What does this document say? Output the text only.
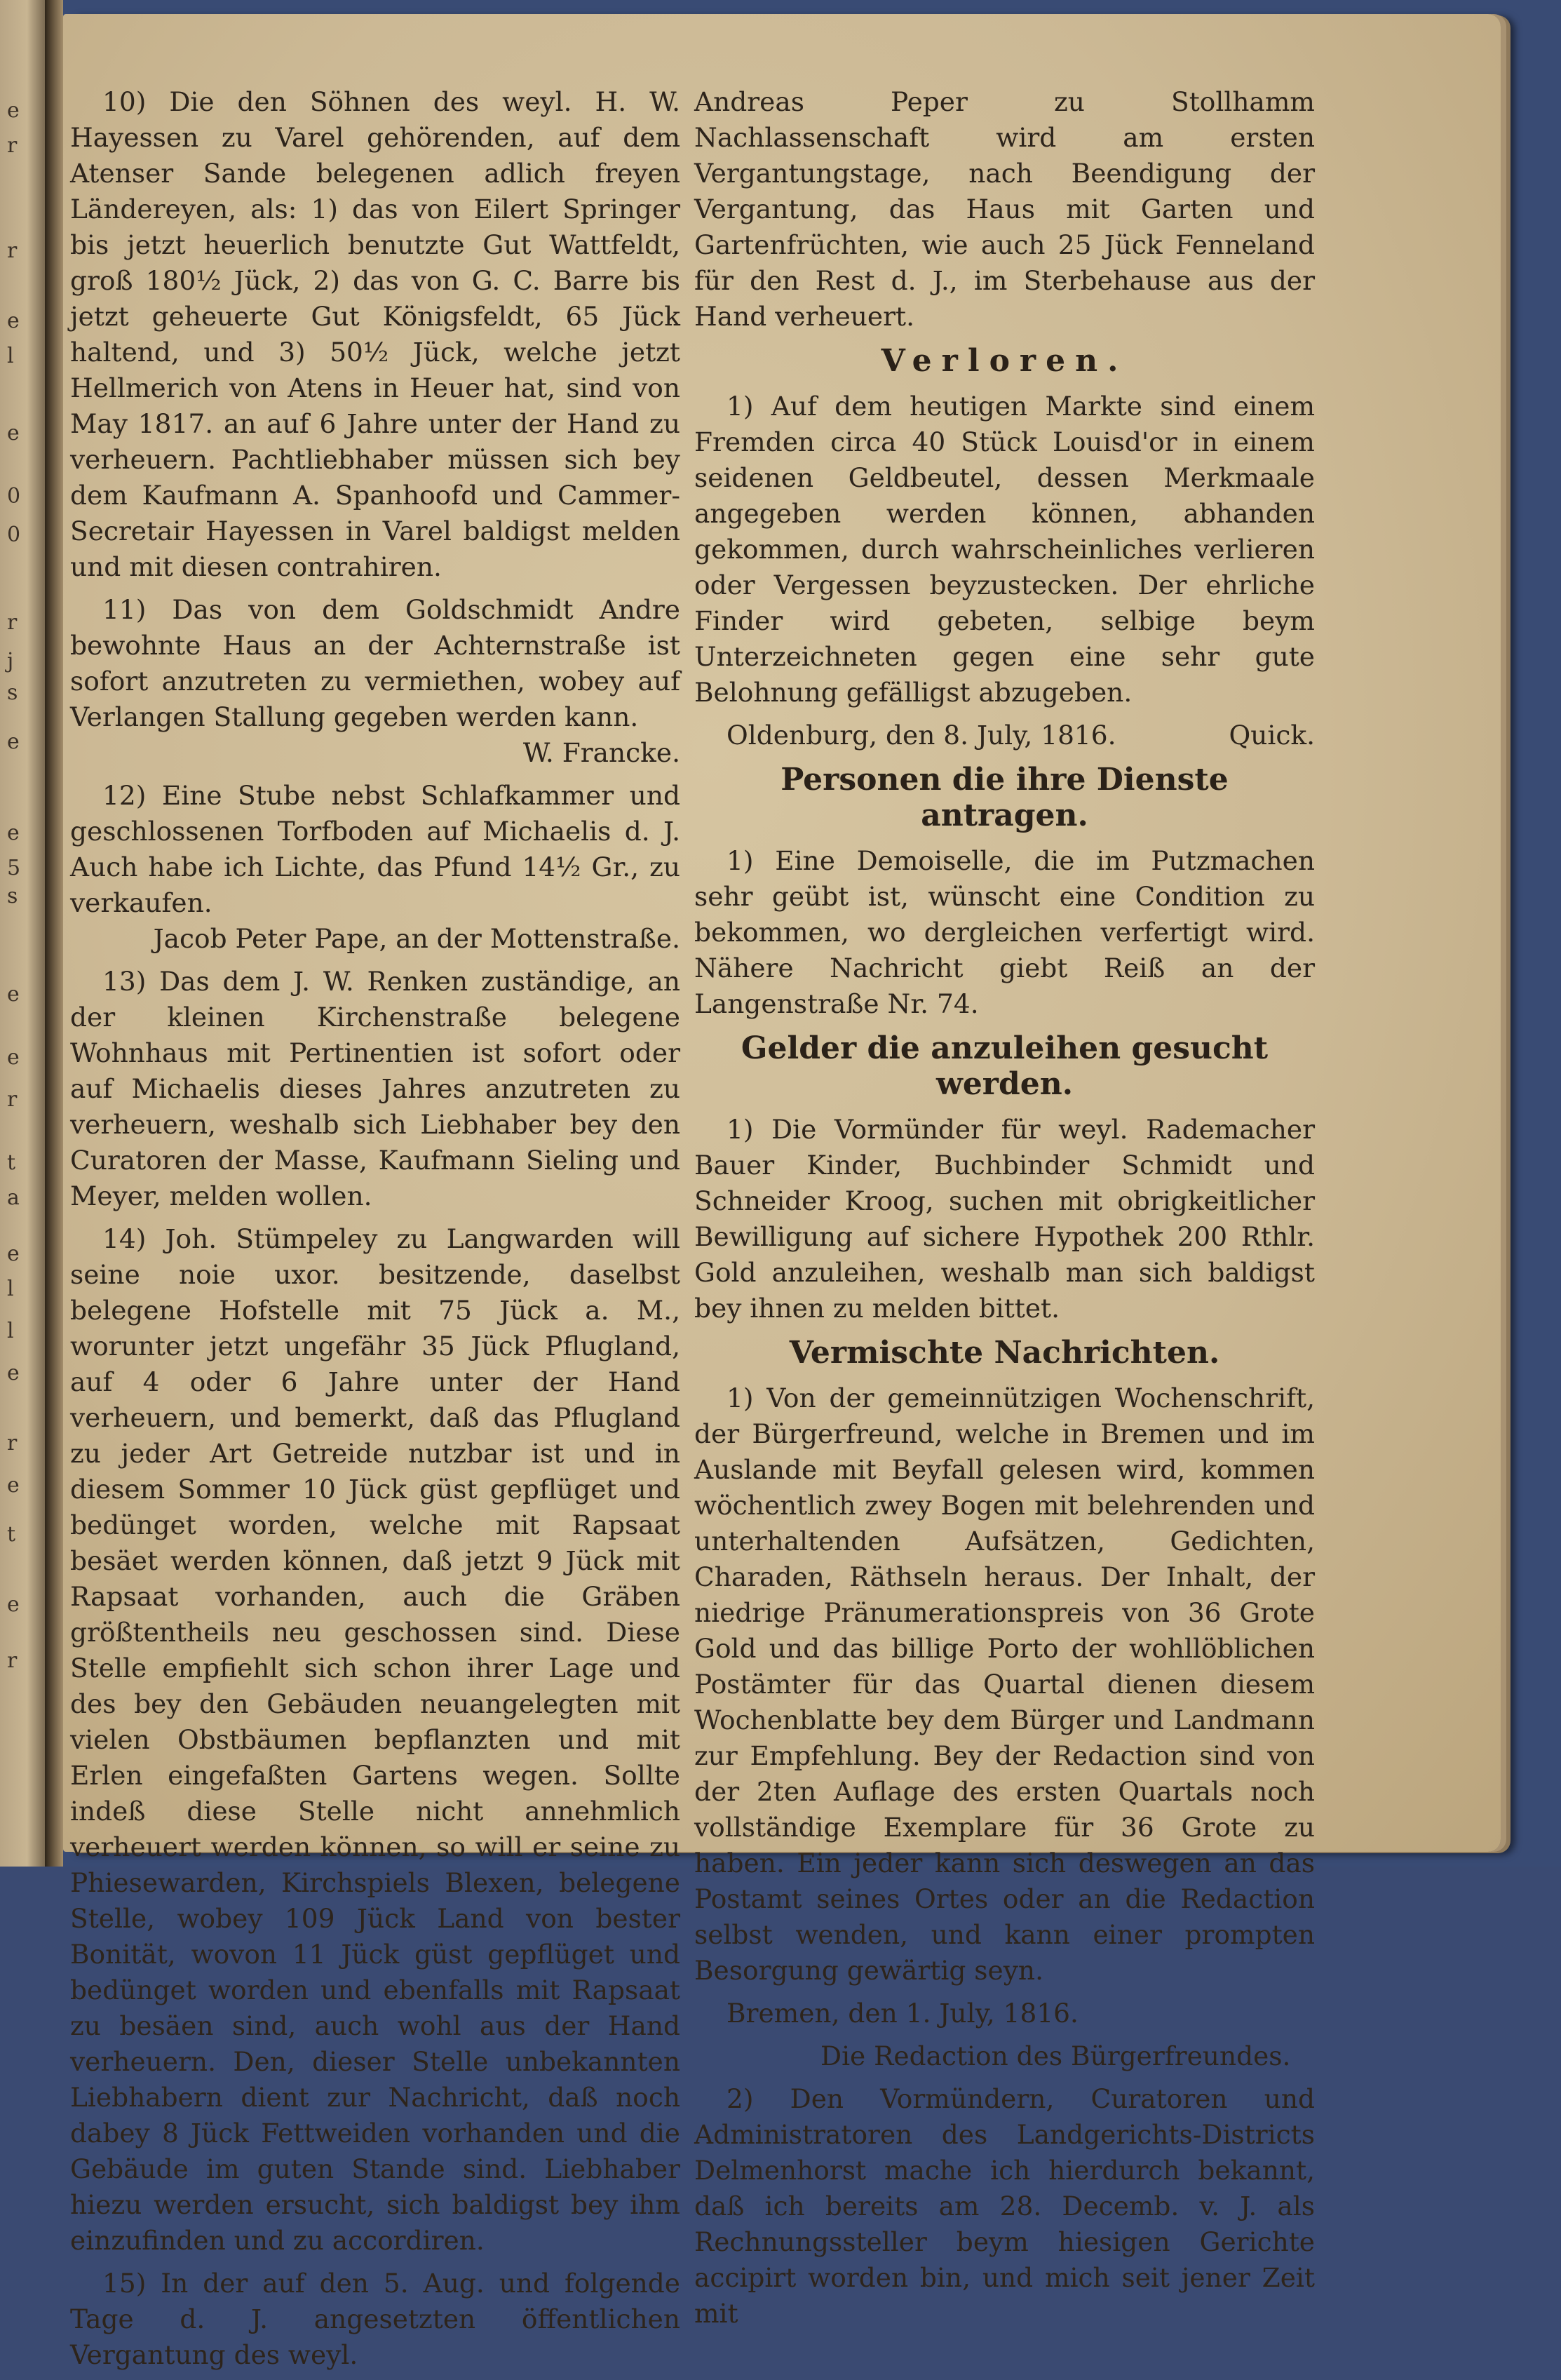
e
r
r
e
l
e
0
0
r
j
s
e
e
5
s
e
e
r
t
a
e
l
l
e
r
e
t
e
r

10) Die den Söhnen des weyl. H. W. Hayessen zu Varel gehörenden, auf dem Atenser Sande belegenen adlich freyen Ländereyen, als: 1) das von Eilert Springer bis jetzt heuerlich benutzte Gut Wattfeldt, groß 180½ Jück, 2) das von G. C. Barre bis jetzt geheuerte Gut Königsfeldt, 65 Jück haltend, und 3) 50½ Jück, welche jetzt Hellmerich von Atens in Heuer hat, sind von May 1817. an auf 6 Jahre unter der Hand zu verheuern. Pachtliebhaber müssen sich bey dem Kaufmann A. Spanhoofd und Cammer-Secretair Hayessen in Varel baldigst melden und mit diesen contrahiren.

11) Das von dem Goldschmidt Andre bewohnte Haus an der Achternstraße ist sofort anzutreten zu vermiethen, wobey auf Verlangen Stallung gegeben werden kann.

W. Francke.

12) Eine Stube nebst Schlafkammer und geschlossenen Torfboden auf Michaelis d. J. Auch habe ich Lichte, das Pfund 14½ Gr., zu verkaufen.

Jacob Peter Pape, an der Mottenstraße.

13) Das dem J. W. Renken zuständige, an der kleinen Kirchenstraße belegene Wohnhaus mit Pertinentien ist sofort oder auf Michaelis dieses Jahres anzutreten zu verheuern, weshalb sich Liebhaber bey den Curatoren der Masse, Kaufmann Sieling und Meyer, melden wollen.

14) Joh. Stümpeley zu Langwarden will seine noie uxor. besitzende, daselbst belegene Hofstelle mit 75 Jück a. M., worunter jetzt ungefähr 35 Jück Pflugland, auf 4 oder 6 Jahre unter der Hand verheuern, und bemerkt, daß das Pflugland zu jeder Art Getreide nutzbar ist und in diesem Sommer 10 Jück güst gepflüget und bedünget worden, welche mit Rapsaat besäet werden können, daß jetzt 9 Jück mit Rapsaat vorhanden, auch die Gräben größtentheils neu geschossen sind. Diese Stelle empfiehlt sich schon ihrer Lage und des bey den Gebäuden neuangelegten mit vielen Obstbäumen bepflanzten und mit Erlen eingefaßten Gartens wegen. Sollte indeß diese Stelle nicht annehmlich verheuert werden können, so will er seine zu Phiesewarden, Kirchspiels Blexen, belegene Stelle, wobey 109 Jück Land von bester Bonität, wovon 11 Jück güst gepflüget und bedünget worden und ebenfalls mit Rapsaat zu besäen sind, auch wohl aus der Hand verheuern. Den, dieser Stelle unbekannten Liebhabern dient zur Nachricht, daß noch dabey 8 Jück Fettweiden vorhanden und die Gebäude im guten Stande sind. Liebhaber hiezu werden ersucht, sich baldigst bey ihm einzufinden und zu accordiren.

15) In der auf den 5. Aug. und folgende Tage d. J. angesetzten öffentlichen Vergantung des weyl.

Andreas Peper zu Stollhamm Nachlassenschaft wird am ersten Vergantungstage, nach Beendigung der Vergantung, das Haus mit Garten und Gartenfrüchten, wie auch 25 Jück Fenneland für den Rest d. J., im Sterbehause aus der Hand verheuert.

Verloren.

1) Auf dem heutigen Markte sind einem Fremden circa 40 Stück Louisd'or in einem seidenen Geldbeutel, dessen Merkmaale angegeben werden können, abhanden gekommen, durch wahrscheinliches verlieren oder Vergessen beyzustecken. Der ehrliche Finder wird gebeten, selbige beym Unterzeichneten gegen eine sehr gute Belohnung gefälligst abzugeben.

Oldenburg, den 8. July, 1816.	Quick.
Personen die ihre Dienste antragen.

1) Eine Demoiselle, die im Putzmachen sehr geübt ist, wünscht eine Condition zu bekommen, wo dergleichen verfertigt wird. Nähere Nachricht giebt Reiß an der Langenstraße Nr. 74.

Gelder die anzuleihen gesucht werden.

1) Die Vormünder für weyl. Rademacher Bauer Kinder, Buchbinder Schmidt und Schneider Kroog, suchen mit obrigkeitlicher Bewilligung auf sichere Hypothek 200 Rthlr. Gold anzuleihen, weshalb man sich baldigst bey ihnen zu melden bittet.

Vermischte Nachrichten.

1) Von der gemeinnützigen Wochenschrift, der Bürgerfreund, welche in Bremen und im Auslande mit Beyfall gelesen wird, kommen wöchentlich zwey Bogen mit belehrenden und unterhaltenden Aufsätzen, Gedichten, Charaden, Räthseln heraus. Der Inhalt, der niedrige Pränumerationspreis von 36 Grote Gold und das billige Porto der wohllöblichen Postämter für das Quartal dienen diesem Wochenblatte bey dem Bürger und Landmann zur Empfehlung. Bey der Redaction sind von der 2ten Auflage des ersten Quartals noch vollständige Exemplare für 36 Grote zu haben. Ein jeder kann sich deswegen an das Postamt seines Ortes oder an die Redaction selbst wenden, und kann einer prompten Besorgung gewärtig seyn.

Bremen, den 1. July, 1816.

Die Redaction des Bürgerfreundes.

2) Den Vormündern, Curatoren und Administratoren des Landgerichts-Districts Delmenhorst mache ich hierdurch bekannt, daß ich bereits am 28. Decemb. v. J. als Rechnungssteller beym hiesigen Gerichte accipirt worden bin, und mich seit jener Zeit mit
